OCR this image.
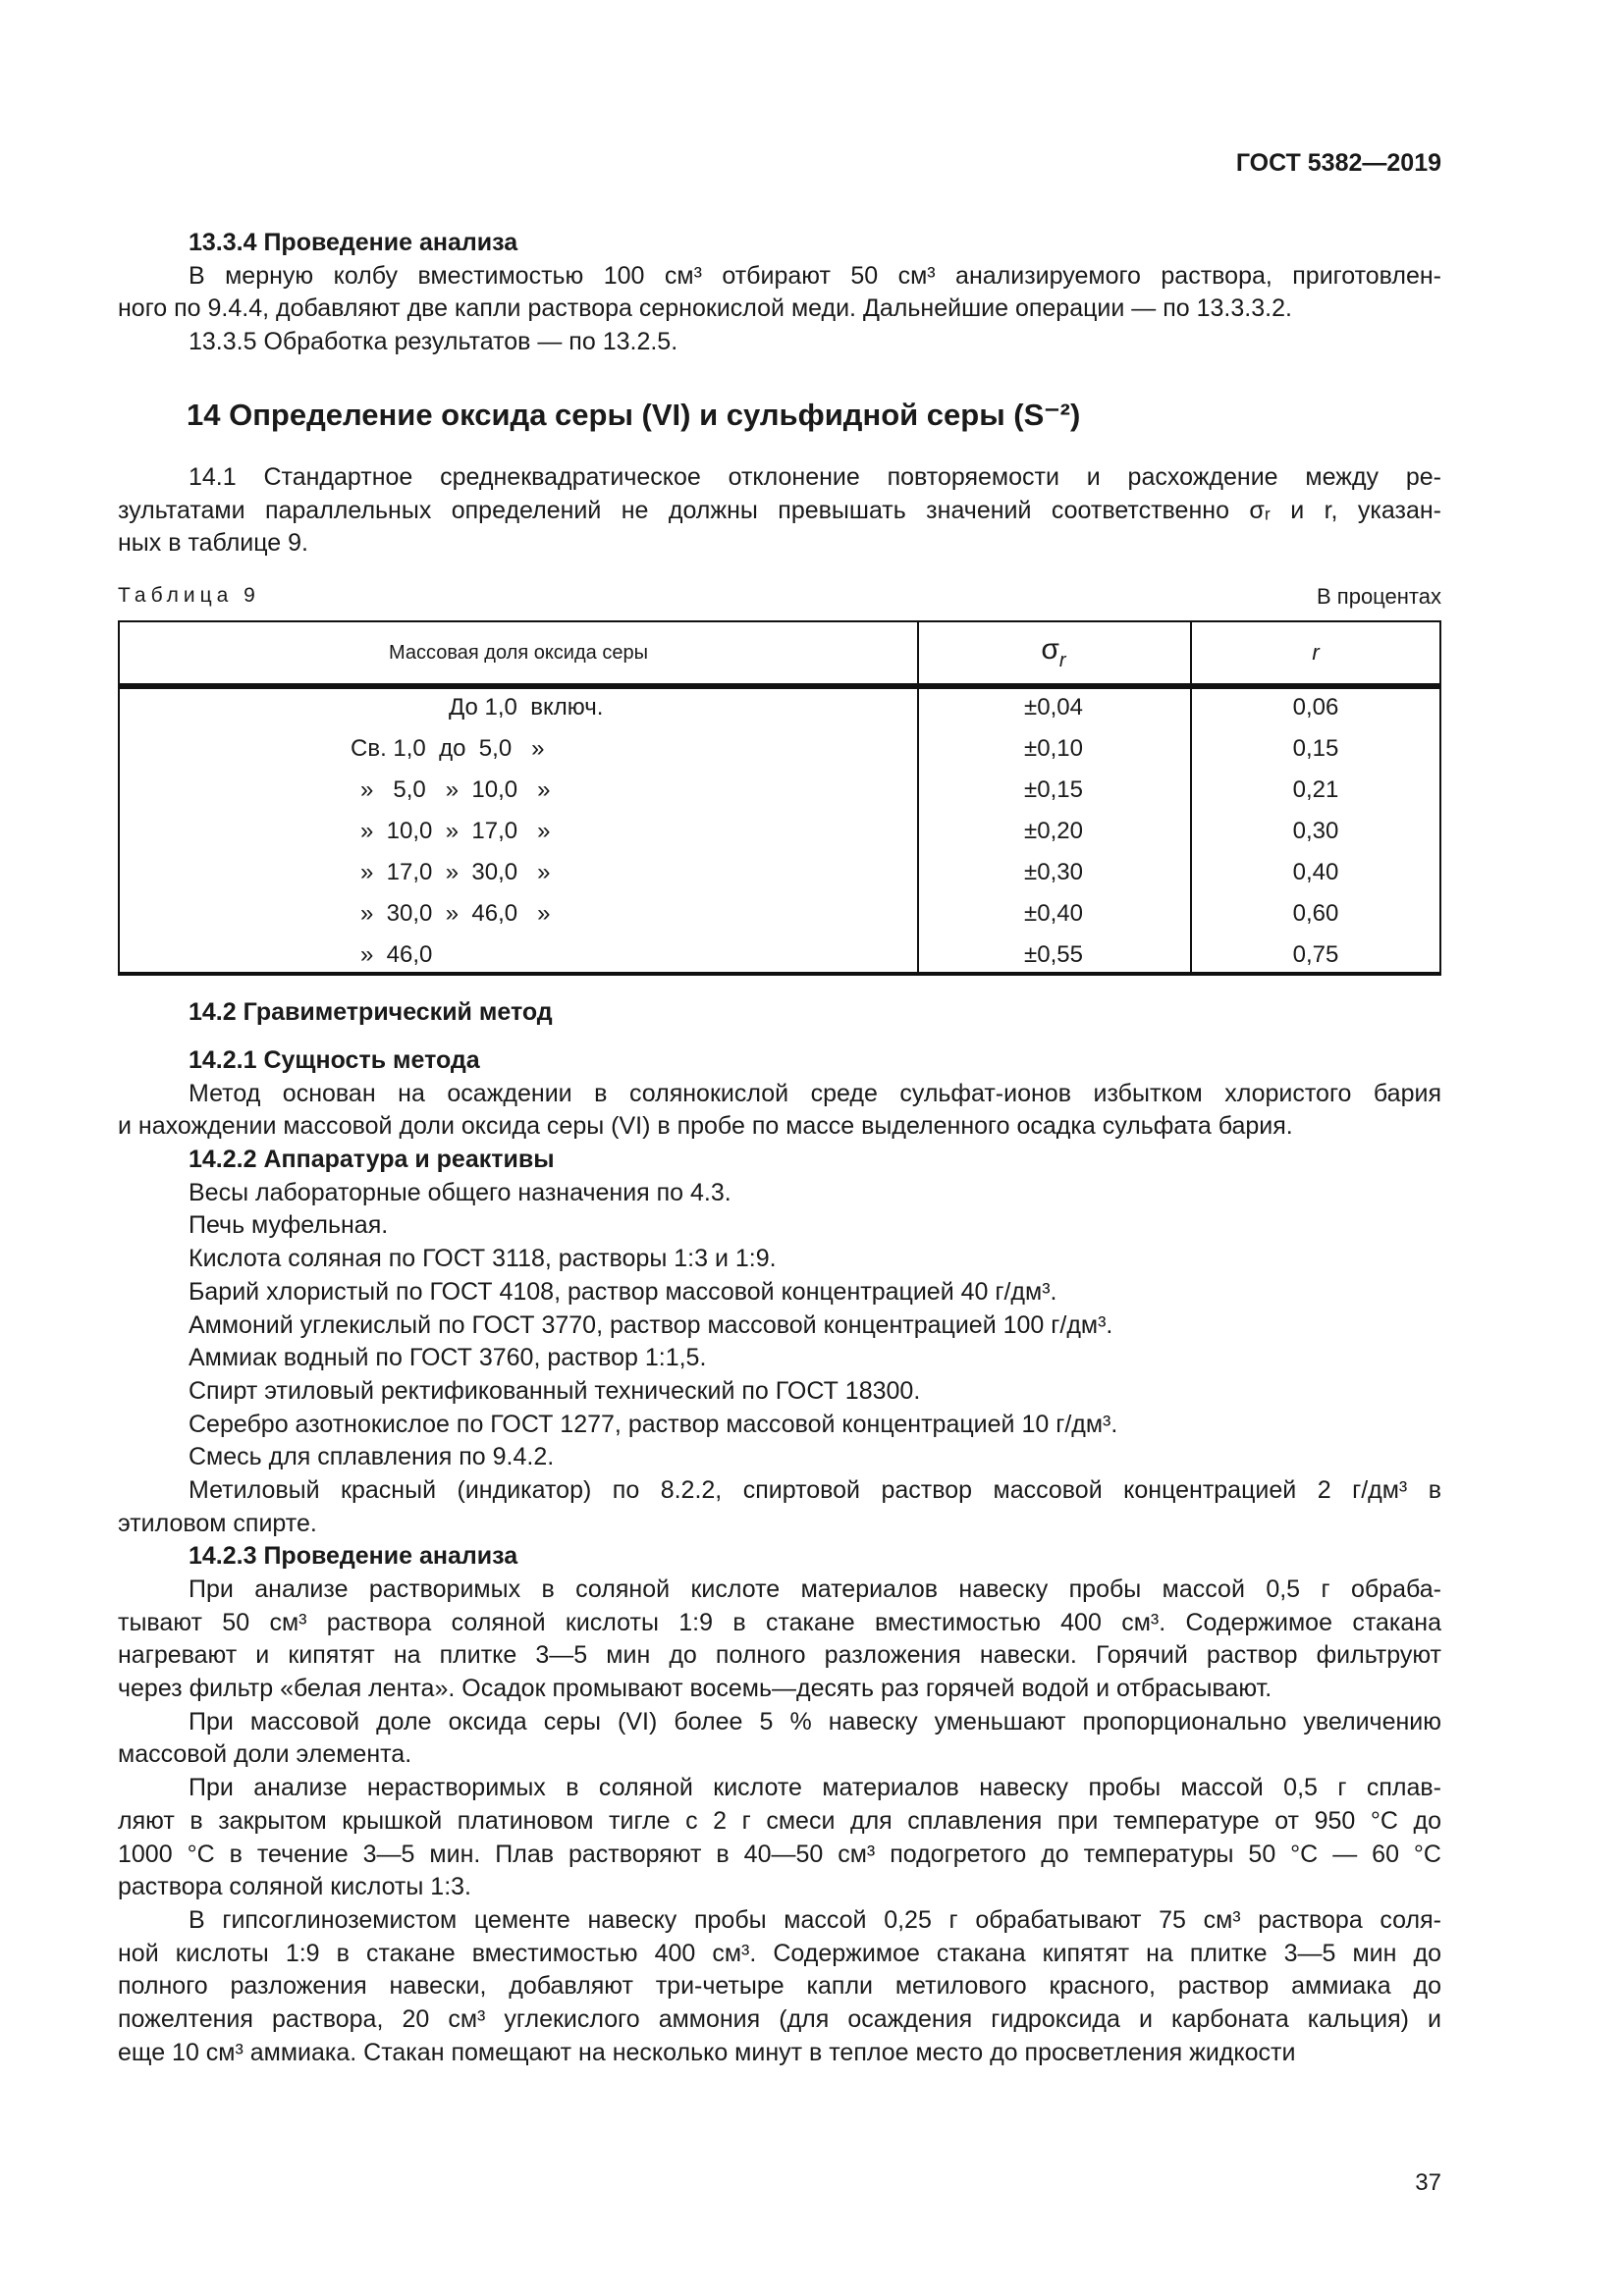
ГОСТ 5382—2019
13.3.4 Проведение анализа
В мерную колбу вместимостью 100 см³ отбирают 50 см³ анализируемого раствора, приготовлен-
ного по 9.4.4, добавляют две капли раствора сернокислой меди. Дальнейшие операции — по 13.3.3.2.
13.3.5 Обработка результатов — по 13.2.5.
14 Определение оксида серы (VI) и сульфидной серы (S⁻²)
14.1 Стандартное среднеквадратическое отклонение повторяемости и расхождение между ре-
зультатами параллельных определений не должны превышать значений соответственно σᵣ и r, указан-
ных в таблице 9.
Таблица 9	В процентах
Массовая доля оксида серы	$\sigma_r$	r
До 1,0  включ.	±0,04	0,06
Св. 1,0  до  5,0   »	±0,10	0,15
»   5,0   »  10,0   »	±0,15	0,21
»  10,0  »  17,0   »	±0,20	0,30
»  17,0  »  30,0   »	±0,30	0,40
»  30,0  »  46,0   »	±0,40	0,60
»  46,0	±0,55	0,75
14.2 Гравиметрический метод
14.2.1 Сущность метода
Метод основан на осаждении в солянокислой среде сульфат-ионов избытком хлористого бария
и нахождении массовой доли оксида серы (VI) в пробе по массе выделенного осадка сульфата бария.
14.2.2 Аппаратура и реактивы
Весы лабораторные общего назначения по 4.3.
Печь муфельная.
Кислота соляная по ГОСТ 3118, растворы 1:3 и 1:9.
Барий хлористый по ГОСТ 4108, раствор массовой концентрацией 40 г/дм³.
Аммоний углекислый по ГОСТ 3770, раствор массовой концентрацией 100 г/дм³.
Аммиак водный по ГОСТ 3760, раствор 1:1,5.
Спирт этиловый ректификованный технический по ГОСТ 18300.
Серебро азотнокислое по ГОСТ 1277, раствор массовой концентрацией 10 г/дм³.
Смесь для сплавления по 9.4.2.
Метиловый красный (индикатор) по 8.2.2, спиртовой раствор массовой концентрацией 2 г/дм³ в
этиловом спирте.
14.2.3 Проведение анализа
При анализе растворимых в соляной кислоте материалов навеску пробы массой 0,5 г обраба-
тывают 50 см³ раствора соляной кислоты 1:9 в стакане вместимостью 400 см³. Содержимое стакана
нагревают и кипятят на плитке 3—5 мин до полного разложения навески. Горячий раствор фильтруют
через фильтр «белая лента». Осадок промывают восемь—десять раз горячей водой и отбрасывают.
При массовой доле оксида серы (VI) более 5 % навеску уменьшают пропорционально увеличению
массовой доли элемента.
При анализе нерастворимых в соляной кислоте материалов навеску пробы массой 0,5 г сплав-
ляют в закрытом крышкой платиновом тигле с 2 г смеси для сплавления при температуре от 950 °С до
1000 °С в течение 3—5 мин. Плав растворяют в 40—50 см³ подогретого до температуры 50 °С — 60 °С
раствора соляной кислоты 1:3.
В гипсоглиноземистом цементе навеску пробы массой 0,25 г обрабатывают 75 см³ раствора соля-
ной кислоты 1:9 в стакане вместимостью 400 см³. Содержимое стакана кипятят на плитке 3—5 мин до
полного разложения навески, добавляют три-четыре капли метилового красного, раствор аммиака до
пожелтения раствора, 20 см³ углекислого аммония (для осаждения гидроксида и карбоната кальция) и
еще 10 см³ аммиака. Стакан помещают на несколько минут в теплое место до просветления жидкости
37
